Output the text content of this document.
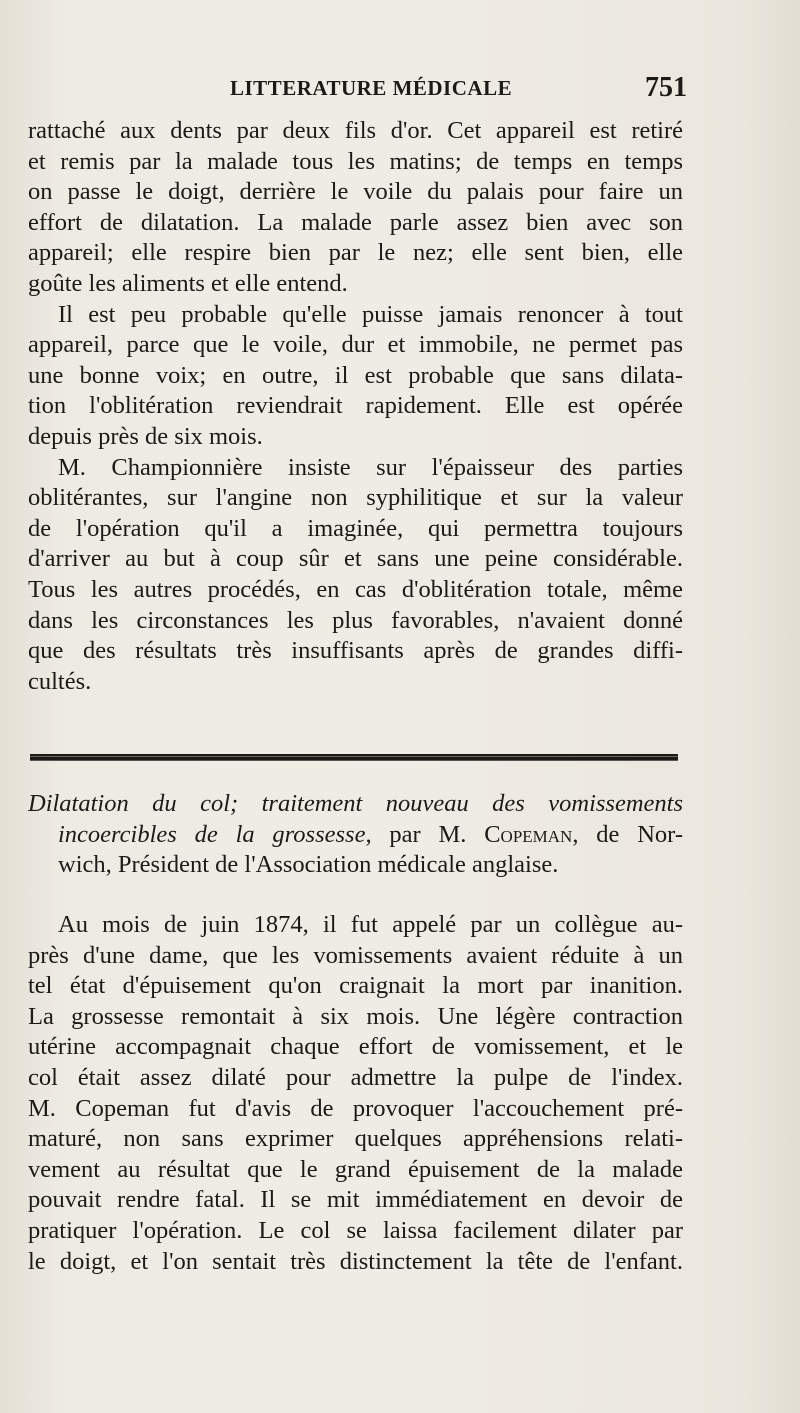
LITTERATURE MÉDICALE	751
rattaché aux dents par deux fils d'or. Cet appareil est retiré
et remis par la malade tous les matins; de temps en temps
on passe le doigt, derrière le voile du palais pour faire un
effort de dilatation. La malade parle assez bien avec son
appareil; elle respire bien par le nez; elle sent bien, elle
goûte les aliments et elle entend.
Il est peu probable qu'elle puisse jamais renoncer à tout
appareil, parce que le voile, dur et immobile, ne permet pas
une bonne voix; en outre, il est probable que sans dilata-
tion l'oblitération reviendrait rapidement. Elle est opérée
depuis près de six mois.
M. Championnière insiste sur l'épaisseur des parties
oblitérantes, sur l'angine non syphilitique et sur la valeur
de l'opération qu'il a imaginée, qui permettra toujours
d'arriver au but à coup sûr et sans une peine considérable.
Tous les autres procédés, en cas d'oblitération totale, même
dans les circonstances les plus favorables, n'avaient donné
que des résultats très insuffisants après de grandes diffi-
cultés.
Dilatation du col; traitement nouveau des vomissements
incoercibles de la grossesse, par M. Copeman, de Nor-
wich, Président de l'Association médicale anglaise.
Au mois de juin 1874, il fut appelé par un collègue au-
près d'une dame, que les vomissements avaient réduite à un
tel état d'épuisement qu'on craignait la mort par inanition.
La grossesse remontait à six mois. Une légère contraction
utérine accompagnait chaque effort de vomissement, et le
col était assez dilaté pour admettre la pulpe de l'index.
M. Copeman fut d'avis de provoquer l'accouchement pré-
maturé, non sans exprimer quelques appréhensions relati-
vement au résultat que le grand épuisement de la malade
pouvait rendre fatal. Il se mit immédiatement en devoir de
pratiquer l'opération. Le col se laissa facilement dilater par
le doigt, et l'on sentait très distinctement la tête de l'enfant.
